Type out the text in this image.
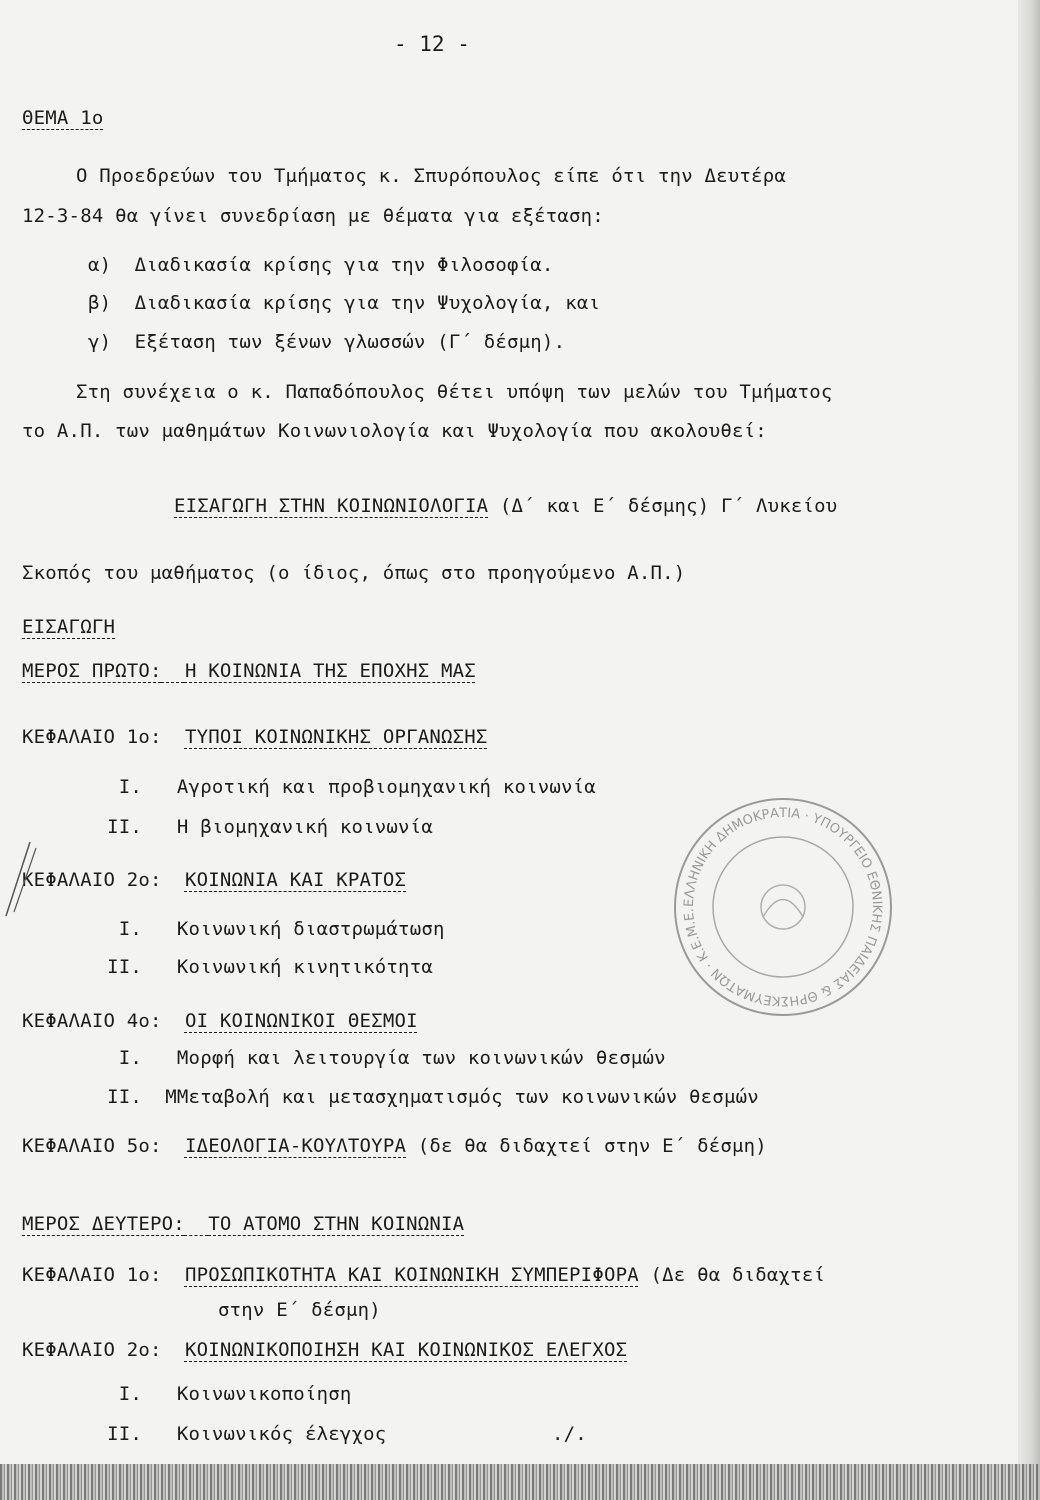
- 12 -
ΘΕΜΑ 1ο
Ο Προεδρεύων του Τμήματος κ. Σπυρόπουλος είπε ότι την Δευτέρα
12-3-84 θα γίνει συνεδρίαση με θέματα για εξέταση:
α) Διαδικασία κρίσης για την Φιλοσοφία.
β) Διαδικασία κρίσης για την Ψυχολογία, και
γ) Εξέταση των ξένων γλωσσών (Γ΄ δέσμη).
Στη συνέχεια ο κ. Παπαδόπουλος θέτει υπόψη των μελών του Τμήματος
το Α.Π. των μαθημάτων Κοινωνιολογία και Ψυχολογία που ακολουθεί:
ΕΙΣΑΓΩΓΗ ΣΤΗΝ ΚΟΙΝΩΝΙΟΛΟΓΙΑ (Δ΄ και Ε΄ δέσμης) Γ΄ Λυκείου
Σκοπός του μαθήματος (ο ίδιος, όπως στο προηγούμενο Α.Π.)
ΕΙΣΑΓΩΓΗ
ΜΕΡΟΣ ΠΡΩΤΟ: Η ΚΟΙΝΩΝΙΑ ΤΗΣ ΕΠΟΧΗΣ ΜΑΣ
ΚΕΦΑΛΑΙΟ 1ο: ΤΥΠΟΙ ΚΟΙΝΩΝΙΚΗΣ ΟΡΓΑΝΩΣΗΣ
Ι. Αγροτική και προβιομηχανική κοινωνία
ΙΙ. Η βιομηχανική κοινωνία
ΚΕΦΑΛΑΙΟ 2ο: ΚΟΙΝΩΝΙΑ ΚΑΙ ΚΡΑΤΟΣ
Ι. Κοινωνική διαστρωμάτωση
ΙΙ. Κοινωνική κινητικότητα
ΚΕΦΑΛΑΙΟ 4ο: ΟΙ ΚΟΙΝΩΝΙΚΟΙ ΘΕΣΜΟΙ
Ι. Μορφή και λειτουργία των κοινωνικών θεσμών
ΙΙ. ΜΜεταβολή και μετασχηματισμός των κοινωνικών θεσμών
ΚΕΦΑΛΑΙΟ 5ο: ΙΔΕΟΛΟΓΙΑ-ΚΟΥΛΤΟΥΡΑ (δε θα διδαχτεί στην Ε΄ δέσμη)
ΜΕΡΟΣ ΔΕΥΤΕΡΟ: ΤΟ ΑΤΟΜΟ ΣΤΗΝ ΚΟΙΝΩΝΙΑ
ΚΕΦΑΛΑΙΟ 1ο: ΠΡΟΣΩΠΙΚΟΤΗΤΑ ΚΑΙ ΚΟΙΝΩΝΙΚΗ ΣΥΜΠΕΡΙΦΟΡΑ (Δε θα διδαχτεί
στην Ε΄ δέσμη)
ΚΕΦΑΛΑΙΟ 2ο: ΚΟΙΝΩΝΙΚΟΠΟΙΗΣΗ ΚΑΙ ΚΟΙΝΩΝΙΚΟΣ ΕΛΕΓΧΟΣ
Ι. Κοινωνικοποίηση
ΙΙ. Κοινωνικός έλεγχος	./.
ΕΛΛΗΝΙΚΗ ΔΗΜΟΚΡΑΤΙΑ · ΥΠΟΥΡΓΕΙΟ ΕΘΝΙΚΗΣ ΠΑΙΔΕΙΑΣ & ΘΡΗΣΚΕΥΜΑΤΩΝ · Κ.Ε.Μ.Ε.
